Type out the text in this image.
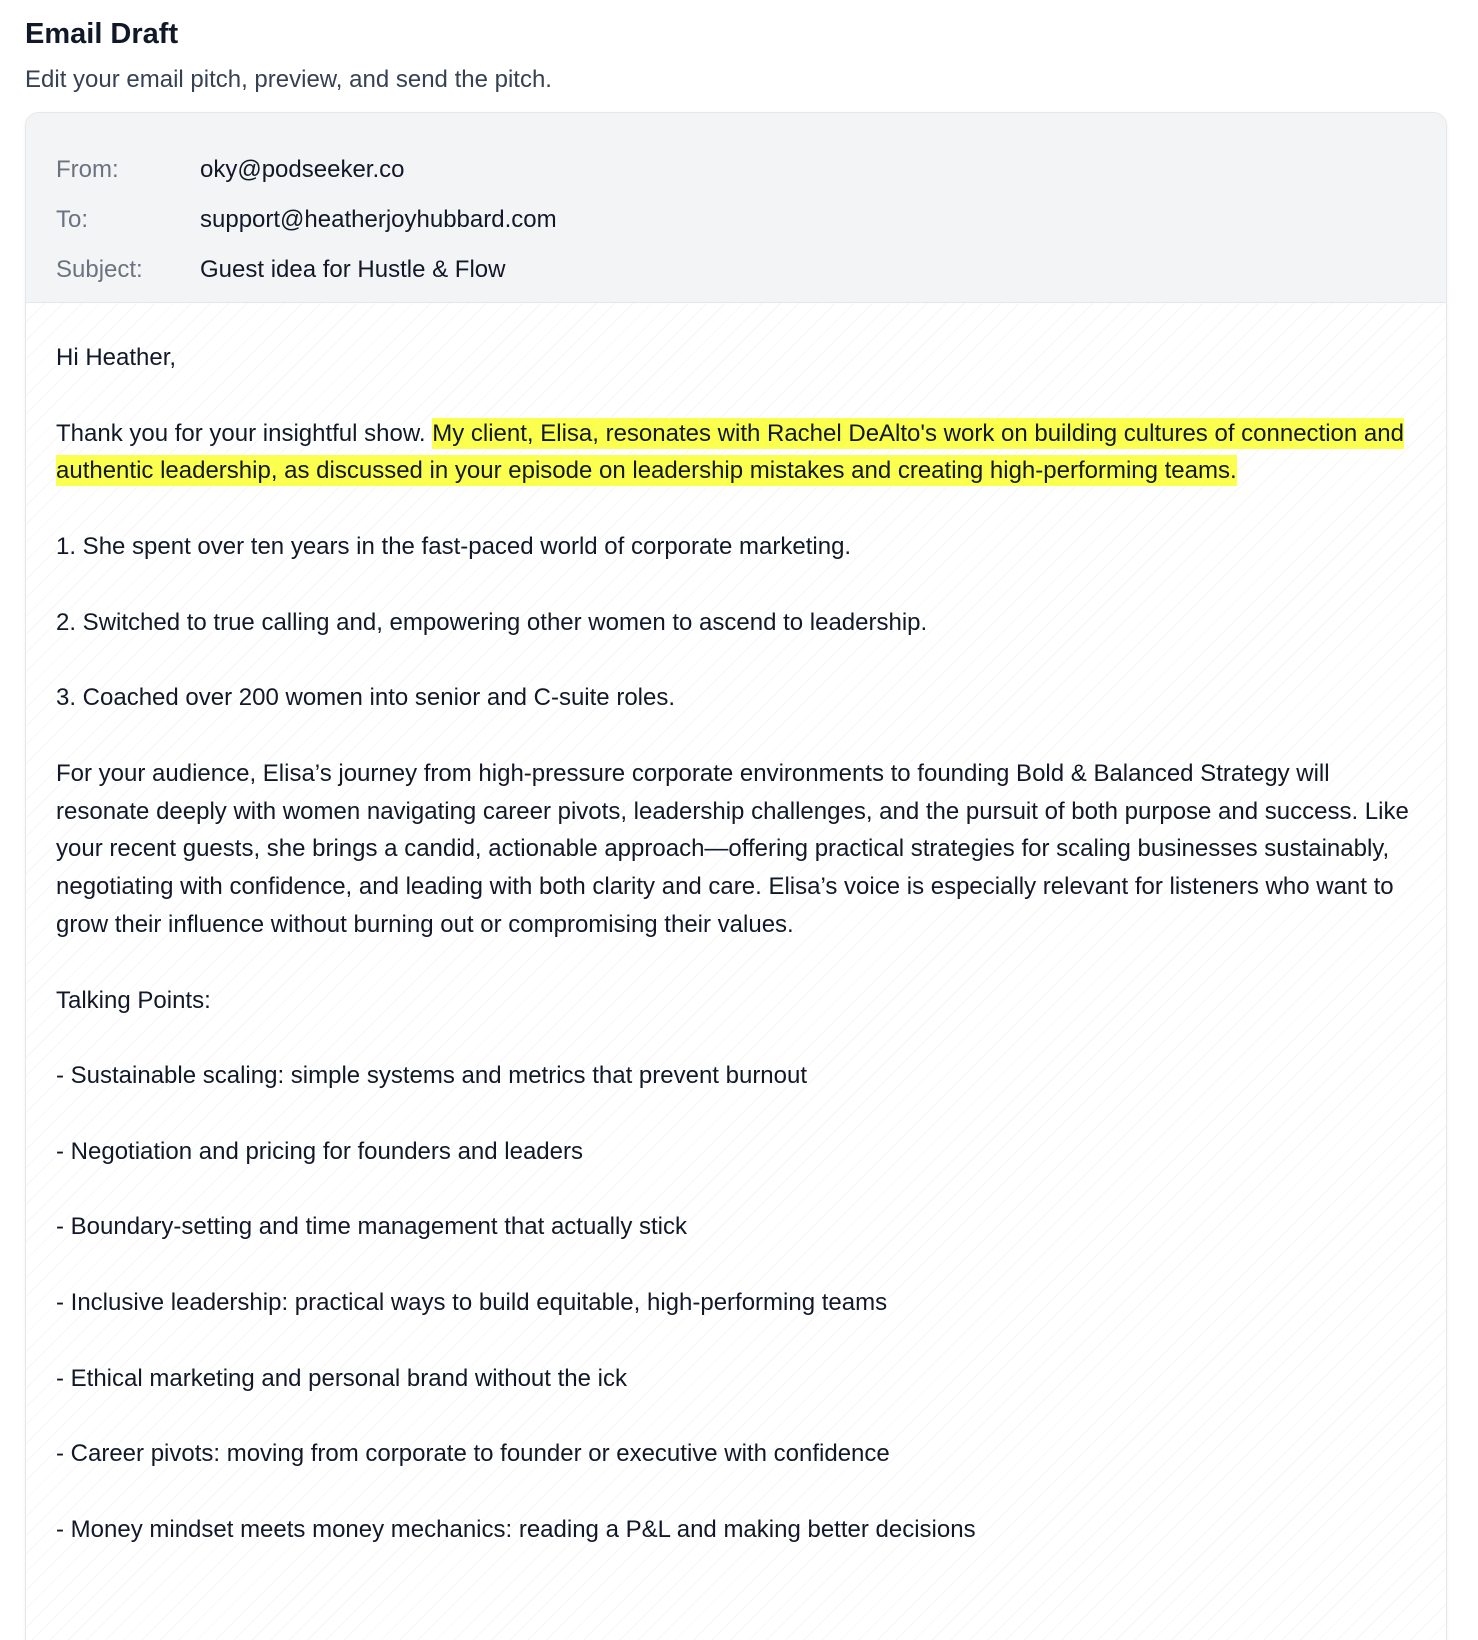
Email Draft

Edit your email pitch, preview, and send the pitch.

From:	oky@podseeker.co
To:	support@heatherjoyhubbard.com
Subject:	Guest idea for Hustle & Flow

Hi Heather,

Thank you for your insightful show. My client, Elisa, resonates with Rachel DeAlto's work on building cultures of connection and authentic leadership, as discussed in your episode on leadership mistakes and creating high-performing teams.

1. She spent over ten years in the fast-paced world of corporate marketing.

2. Switched to true calling and, empowering other women to ascend to leadership.

3. Coached over 200 women into senior and C-suite roles.

For your audience, Elisa’s journey from high-pressure corporate environments to founding Bold & Balanced Strategy will resonate deeply with women navigating career pivots, leadership challenges, and the pursuit of both purpose and success. Like your recent guests, she brings a candid, actionable approach—offering practical strategies for scaling businesses sustainably, negotiating with confidence, and leading with both clarity and care. Elisa’s voice is especially relevant for listeners who want to grow their influence without burning out or compromising their values.

Talking Points:

- Sustainable scaling: simple systems and metrics that prevent burnout

- Negotiation and pricing for founders and leaders

- Boundary-setting and time management that actually stick

- Inclusive leadership: practical ways to build equitable, high-performing teams

- Ethical marketing and personal brand without the ick

- Career pivots: moving from corporate to founder or executive with confidence

- Money mindset meets money mechanics: reading a P&L and making better decisions
